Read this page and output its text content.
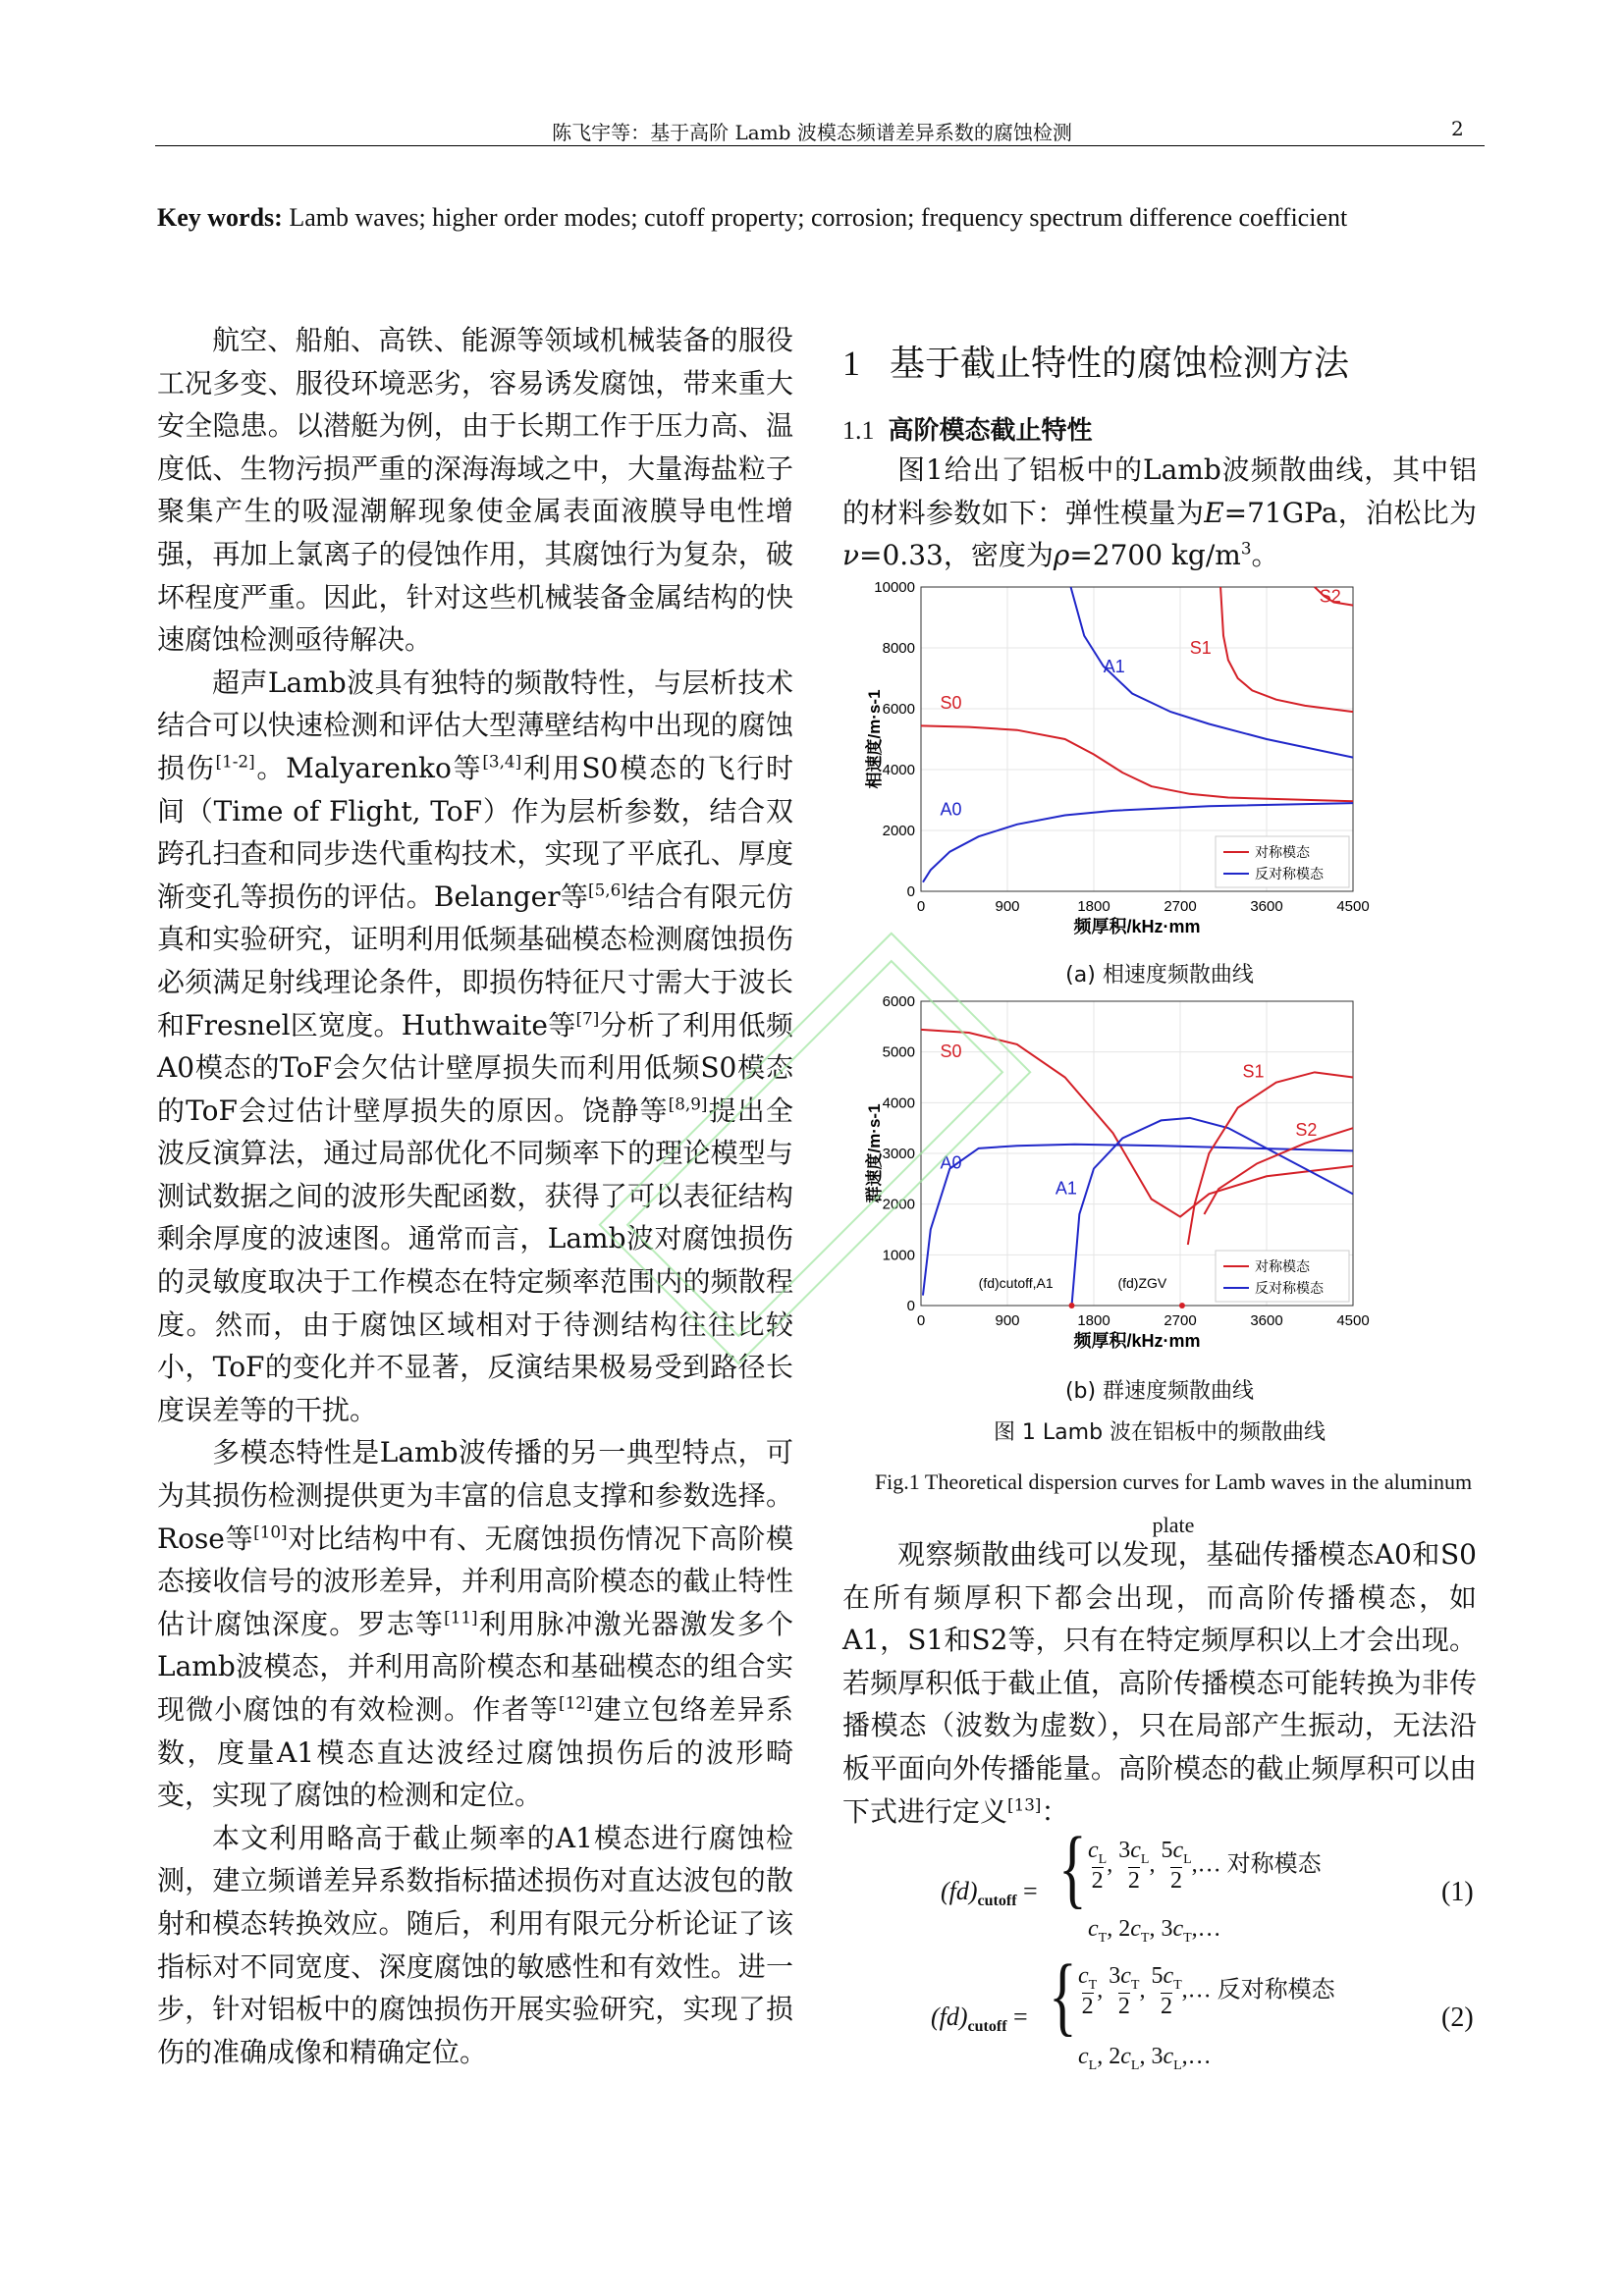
陈飞宇等：基于高阶 Lamb 波模态频谱差异系数的腐蚀检测	2
Key words: Lamb waves; higher order modes; cutoff property; corrosion; frequency spectrum difference coefficient

航空、船舶、高铁、能源等领域机械装备的服役工况多变、服役环境恶劣，容易诱发腐蚀，带来重大安全隐患。以潜艇为例，由于长期工作于压力高、温度低、生物污损严重的深海海域之中，大量海盐粒子聚集产生的吸湿潮解现象使金属表面液膜导电性增强，再加上氯离子的侵蚀作用，其腐蚀行为复杂，破坏程度严重。因此，针对这些机械装备金属结构的快速腐蚀检测亟待解决。

超声Lamb波具有独特的频散特性，与层析技术结合可以快速检测和评估大型薄壁结构中出现的腐蚀损伤[1-2]。Malyarenko等[3,4]利用S0模态的飞行时间（Time of Flight, ToF）作为层析参数，结合双跨孔扫查和同步迭代重构技术，实现了平底孔、厚度渐变孔等损伤的评估。Belanger等[5,6]结合有限元仿真和实验研究，证明利用低频基础模态检测腐蚀损伤必须满足射线理论条件，即损伤特征尺寸需大于波长和Fresnel区宽度。Huthwaite等[7]分析了利用低频A0模态的ToF会欠估计壁厚损失而利用低频S0模态的ToF会过估计壁厚损失的原因。饶静等[8,9]提出全波反演算法，通过局部优化不同频率下的理论模型与测试数据之间的波形失配函数，获得了可以表征结构剩余厚度的波速图。通常而言，Lamb波对腐蚀损伤的灵敏度取决于工作模态在特定频率范围内的频散程度。然而，由于腐蚀区域相对于待测结构往往比较小，ToF的变化并不显著，反演结果极易受到路径长度误差等的干扰。

多模态特性是Lamb波传播的另一典型特点，可为其损伤检测提供更为丰富的信息支撑和参数选择。Rose等[10]对比结构中有、无腐蚀损伤情况下高阶模态接收信号的波形差异，并利用高阶模态的截止特性估计腐蚀深度。罗志等[11]利用脉冲激光器激发多个Lamb波模态，并利用高阶模态和基础模态的组合实现微小腐蚀的有效检测。作者等[12]建立包络差异系数，度量A1模态直达波经过腐蚀损伤后的波形畸变，实现了腐蚀的检测和定位。

本文利用略高于截止频率的A1模态进行腐蚀检测，建立频谱差异系数指标描述损伤对直达波包的散射和模态转换效应。随后，利用有限元分析论证了该指标对不同宽度、深度腐蚀的敏感性和有效性。进一步，针对铝板中的腐蚀损伤开展实验研究，实现了损伤的准确成像和精确定位。

1 基于截止特性的腐蚀检测方法
1.1 高阶模态截止特性

图1给出了铝板中的Lamb波频散曲线，其中铝的材料参数如下：弹性模量为E=71GPa，泊松比为ν=0.33，密度为ρ=2700 $kg/m^3$。

0	900	1800	2700	3600	4500
0
2000
4000
6000
8000
10000
频厚积/kHz·mm
相速度/m·s-1	S0
A0
A1
S1
S2
对称模态
反对称模态
0	900	1800	2700	3600	4500
0
1000
2000
3000
4000
5000
6000
频厚积/kHz·mm
群速度/m·s-1
S0
A0
A1
S1
S2
(fd)cutoff,A1	(fd)ZGV
对称模态
反对称模态
(a) 相速度频散曲线
(b) 群速度频散曲线
图 1 Lamb 波在铝板中的频散曲线
Fig.1 Theoretical dispersion curves for Lamb waves in the aluminum plate

观察频散曲线可以发现，基础传播模态A0和S0在所有频厚积下都会出现，而高阶传播模态，如A1，S1和S2等，只有在特定频厚积以上才会出现。若频厚积低于截止值，高阶传播模态可能转换为非传播模态（波数为虚数），只在局部产生振动，无法沿板平面向外传播能量。高阶模态的截止频厚积可以由下式进行定义[13]：

$(fd)_{cutoff}$ = { $c_L$
2, $3c_L$
2, $5c_L$
2,… 对称模态
$c_T$, $2c_T$, $3c_T,\dots$
(1)
$(fd)_{cutoff}$ = { $c_T$
2, $3c_T$
2, $5c_T$
2,… 反对称模态
$c_L$, $2c_L$, $3c_L,\dots$
(2)
